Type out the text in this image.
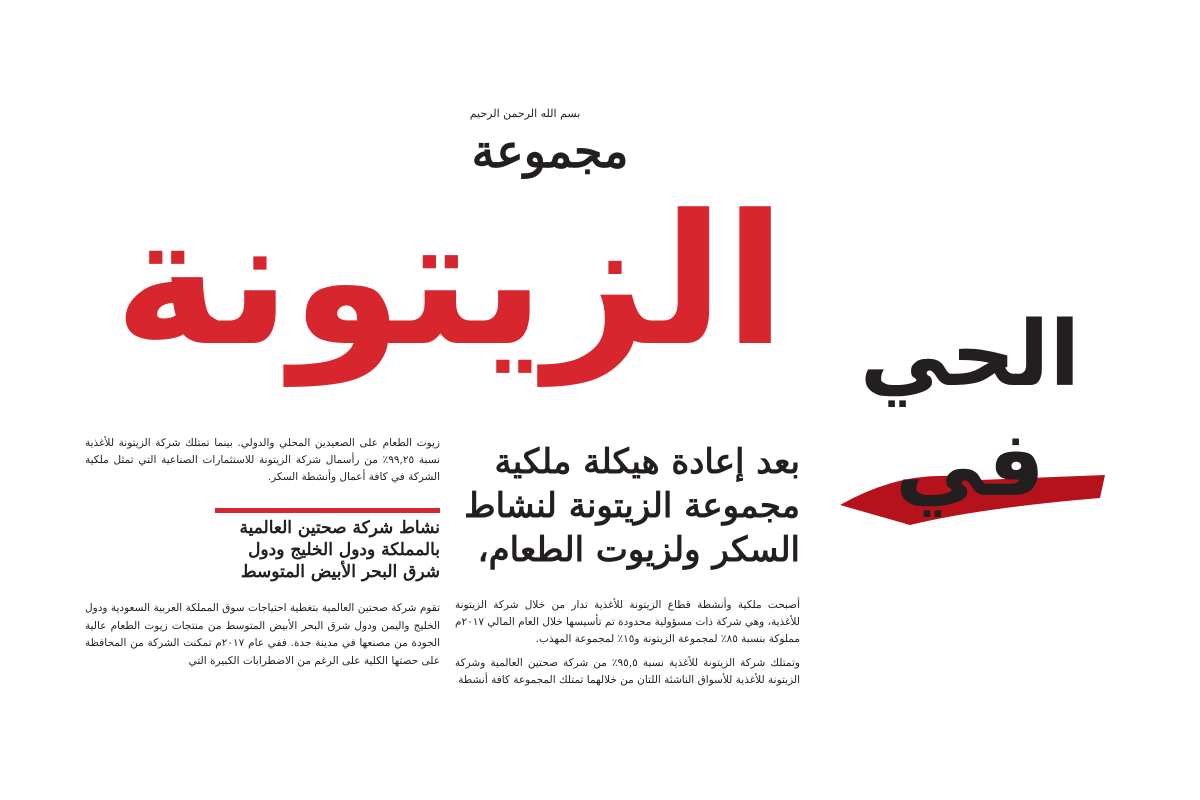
بسم الله الرحمن الرحيم
مجموعة
الزيتونة الحي في
بعد إعادة هيكلة ملكية مجموعة الزيتونة لنشاط السكر ولزيوت الطعام،

أصبحت ملكية وأنشطة قطاع الزيتونة للأغذية تدار من خلال شركة الزيتونة للأغذية، وهي شركة ذات مسؤولية محدودة تم تأسيسها خلال العام المالي ٢٠١٧م مملوكة بنسبة ٨٥٪ لمجموعة الزيتونة و١٥٪ لمجموعة المهذب.

وتمتلك شركة الزيتونة للأغذية نسبة ٩٥,٥٪ من شركة صحتين العالمية وشركة الزيتونة للأغذية للأسواق الناشئة اللتان من خلالهما تمتلك المجموعة كافة أنشطة

زيوت الطعام على الصعيدين المحلي والدولي. بينما تمتلك شركة الزيتونة للأغذية نسبة ٩٩,٢٥٪ من رأسمال شركة الزيتونة للاستثمارات الصناعية التي تمثل ملكية الشركة في كافة أعمال وأنشطة السكر.

نشاط شركة صحتين العالمية بالمملكة ودول الخليج ودول شرق البحر الأبيض المتوسط

تقوم شركة صحتين العالمية بتغطية احتياجات سوق المملكة العربية السعودية ودول الخليج واليمن ودول شرق البحر الأبيض المتوسط من منتجات زيوت الطعام عالية الجودة من مصنعها في مدينة جدة. ففي عام ٢٠١٧م تمكنت الشركة من المحافظة على حصتها الكلية على الرغم من الاضطرابات الكبيرة التي
